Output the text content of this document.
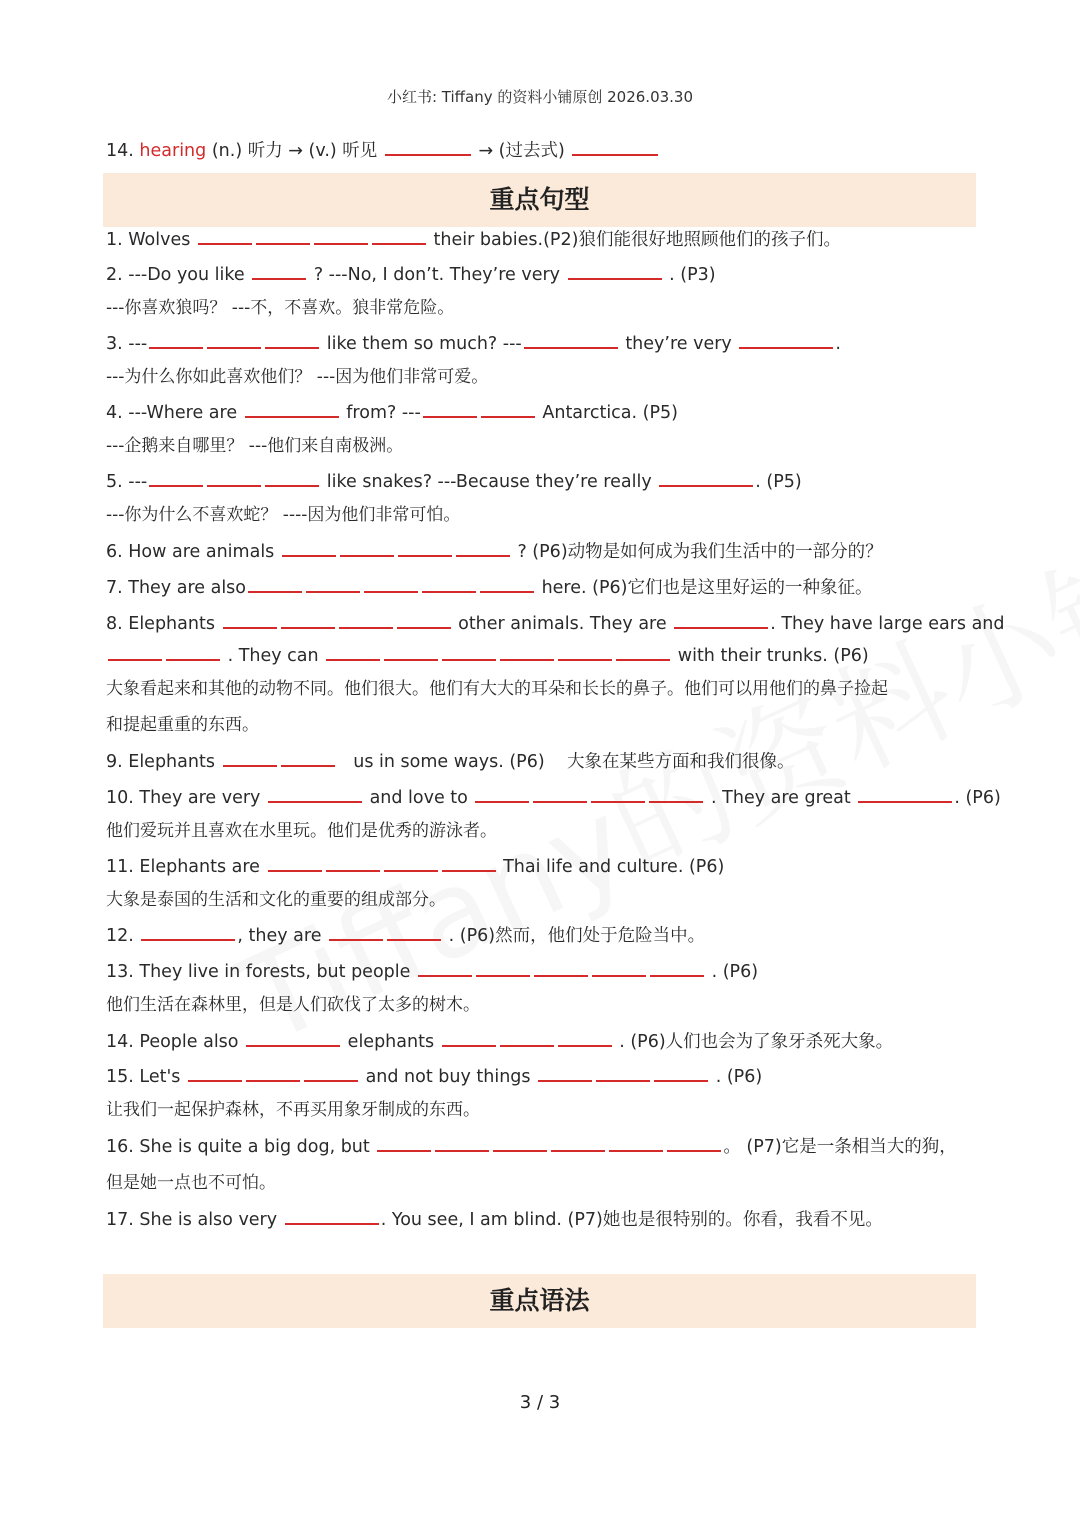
小红书: Tiffany 的资料小铺原创 2026.03.30
14. hearing (n.) 听力 → (v.) 听见	→ (过去式)
重点句型
1. Wolves	their babies.(P2)狼们能很好地照顾他们的孩子们。
2. ---Do you like	? ---No, I don’t. They’re very	. (P3)
---你喜欢狼吗？ ---不，不喜欢。狼非常危险。
3. ---	like them so much? ---	they’re very	.
---为什么你如此喜欢他们？ ---因为他们非常可爱。
4. ---Where are	from? ---	Antarctica. (P5)
---企鹅来自哪里？ ---他们来自南极洲。
5. ---	like snakes? ---Because they’re really	. (P5)
---你为什么不喜欢蛇？ ----因为他们非常可怕。
6. How are animals	? (P6)动物是如何成为我们生活中的一部分的？
7. They are also	here. (P6)它们也是这里好运的一种象征。
8. Elephants	other animals. They are	. They have large ears and
. They can	with their trunks. (P6)
大象看起来和其他的动物不同。他们很大。他们有大大的耳朵和长长的鼻子。他们可以用他们的鼻子捡起
和提起重重的东西。
9. Elephants	us in some ways. (P6) 大象在某些方面和我们很像。
10. They are very	and love to	. They are great	. (P6)
他们爱玩并且喜欢在水里玩。他们是优秀的游泳者。
11. Elephants are	Thai life and culture. (P6)
大象是泰国的生活和文化的重要的组成部分。
12.	, they are	. (P6)然而，他们处于危险当中。
13. They live in forests, but people	. (P6)
他们生活在森林里，但是人们砍伐了太多的树木。
14. People also	elephants	. (P6)人们也会为了象牙杀死大象。
15. Let's	and not buy things	. (P6)
让我们一起保护森林，不再买用象牙制成的东西。
16. She is quite a big dog, but	。 (P7)它是一条相当大的狗，
但是她一点也不可怕。
17. She is also very	. You see, I am blind. (P7)她也是很特别的。你看，我看不见。
重点语法
3 / 3
